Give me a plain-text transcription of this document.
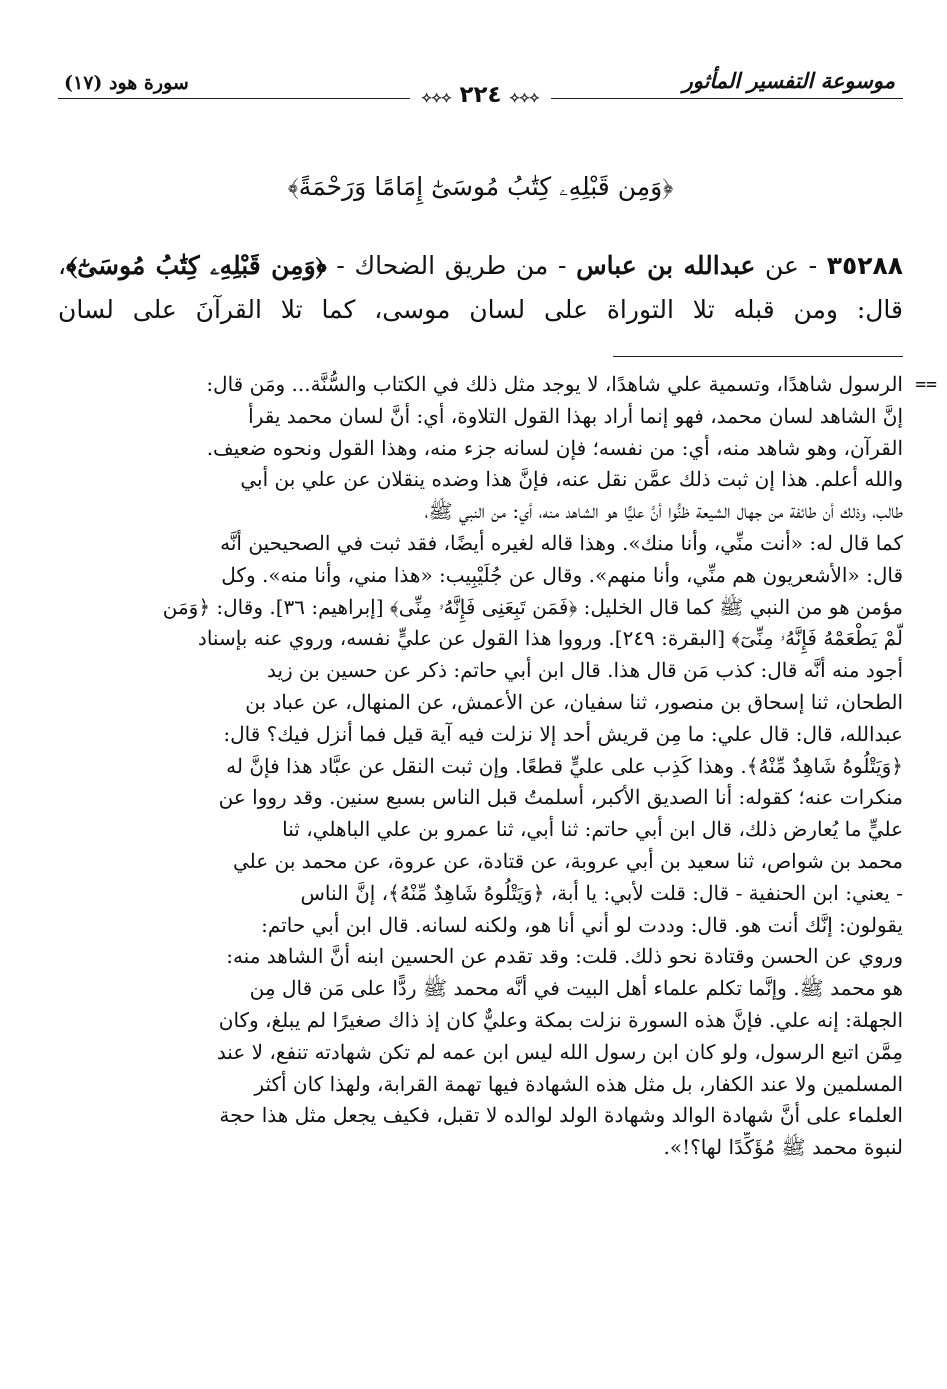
موسوعة التفسير المأثور
سورة هود (١٧)
⟡⟡⟡ ٢٢٤ ⟡⟡⟡
﴿وَمِن قَبْلِهِۦ كِتَٰبُ مُوسَىٰٓ إِمَامًا وَرَحْمَةً﴾
٣٥٢٨٨ - عن عبدالله بن عباس - من طريق الضحاك - ﴿وَمِن قَبْلِهِۦ كِتَٰبُ مُوسَىٰٓ﴾،
قال: ومن قبله تلا التوراة على لسان موسى، كما تلا القرآنَ على لسان
==
الرسول شاهدًا، وتسمية علي شاهدًا، لا يوجد مثل ذلك في الكتاب والسُّنَّة... ومَن قال:
إنَّ الشاهد لسان محمد، فهو إنما أراد بهذا القول التلاوة، أي: أنَّ لسان محمد يقرأ
القرآن، وهو شاهد منه، أي: من نفسه؛ فإن لسانه جزء منه، وهذا القول ونحوه ضعيف.
والله أعلم. هذا إن ثبت ذلك عمَّن نقل عنه، فإنَّ هذا وضده ينقلان عن علي بن أبي
طالب، وذلك أن طائفة من جهال الشيعة ظنُّوا أنَّ عليًّا هو الشاهد منه، أي: من النبي ﷺ،
كما قال له: «أنت منِّي، وأنا منك». وهذا قاله لغيره أيضًا، فقد ثبت في الصحيحين أنَّه
قال: «الأشعريون هم منِّي، وأنا منهم». وقال عن جُلَيْبِيب: «هذا مني، وأنا منه». وكل
مؤمن هو من النبي ﷺ كما قال الخليل: ﴿فَمَن تَبِعَنِى فَإِنَّهُۥ مِنِّى﴾ [إبراهيم: ٣٦]. وقال: ﴿وَمَن
لَّمْ يَطْعَمْهُ فَإِنَّهُۥ مِنِّىٓ﴾ [البقرة: ٢٤٩]. ورووا هذا القول عن عليٍّ نفسه، وروي عنه بإسناد
أجود منه أنَّه قال: كذب مَن قال هذا. قال ابن أبي حاتم: ذكر عن حسين بن زيد
الطحان، ثنا إسحاق بن منصور، ثنا سفيان، عن الأعمش، عن المنهال، عن عباد بن
عبدالله، قال: قال علي: ما مِن قريش أحد إلا نزلت فيه آية قيل فما أنزل فيك؟ قال:
﴿وَيَتْلُوهُ شَاهِدٌ مِّنْهُ﴾. وهذا كَذِب على عليٍّ قطعًا. وإن ثبت النقل عن عبَّاد هذا فإنَّ له
منكرات عنه؛ كقوله: أنا الصديق الأكبر، أسلمتُ قبل الناس بسبع سنين. وقد رووا عن
عليٍّ ما يُعارض ذلك، قال ابن أبي حاتم: ثنا أبي، ثنا عمرو بن علي الباهلي، ثنا
محمد بن شواص، ثنا سعيد بن أبي عروبة، عن قتادة، عن عروة، عن محمد بن علي
- يعني: ابن الحنفية - قال: قلت لأبي: يا أبة، ﴿وَيَتْلُوهُ شَاهِدٌ مِّنْهُ﴾، إنَّ الناس
يقولون: إنَّك أنت هو. قال: وددت لو أني أنا هو، ولكنه لسانه. قال ابن أبي حاتم:
وروي عن الحسن وقتادة نحو ذلك. قلت: وقد تقدم عن الحسين ابنه أنَّ الشاهد منه:
هو محمد ﷺ. وإنَّما تكلم علماء أهل البيت في أنَّه محمد ﷺ ردًّا على مَن قال مِن
الجهلة: إنه علي. فإنَّ هذه السورة نزلت بمكة وعليٌّ كان إذ ذاك صغيرًا لم يبلغ، وكان
مِمَّن اتبع الرسول، ولو كان ابن رسول الله ليس ابن عمه لم تكن شهادته تنفع، لا عند
المسلمين ولا عند الكفار، بل مثل هذه الشهادة فيها تهمة القرابة، ولهذا كان أكثر
العلماء على أنَّ شهادة الوالد وشهادة الولد لوالده لا تقبل، فكيف يجعل مثل هذا حجة
لنبوة محمد ﷺ مُؤَكِّدًا لها؟!».
